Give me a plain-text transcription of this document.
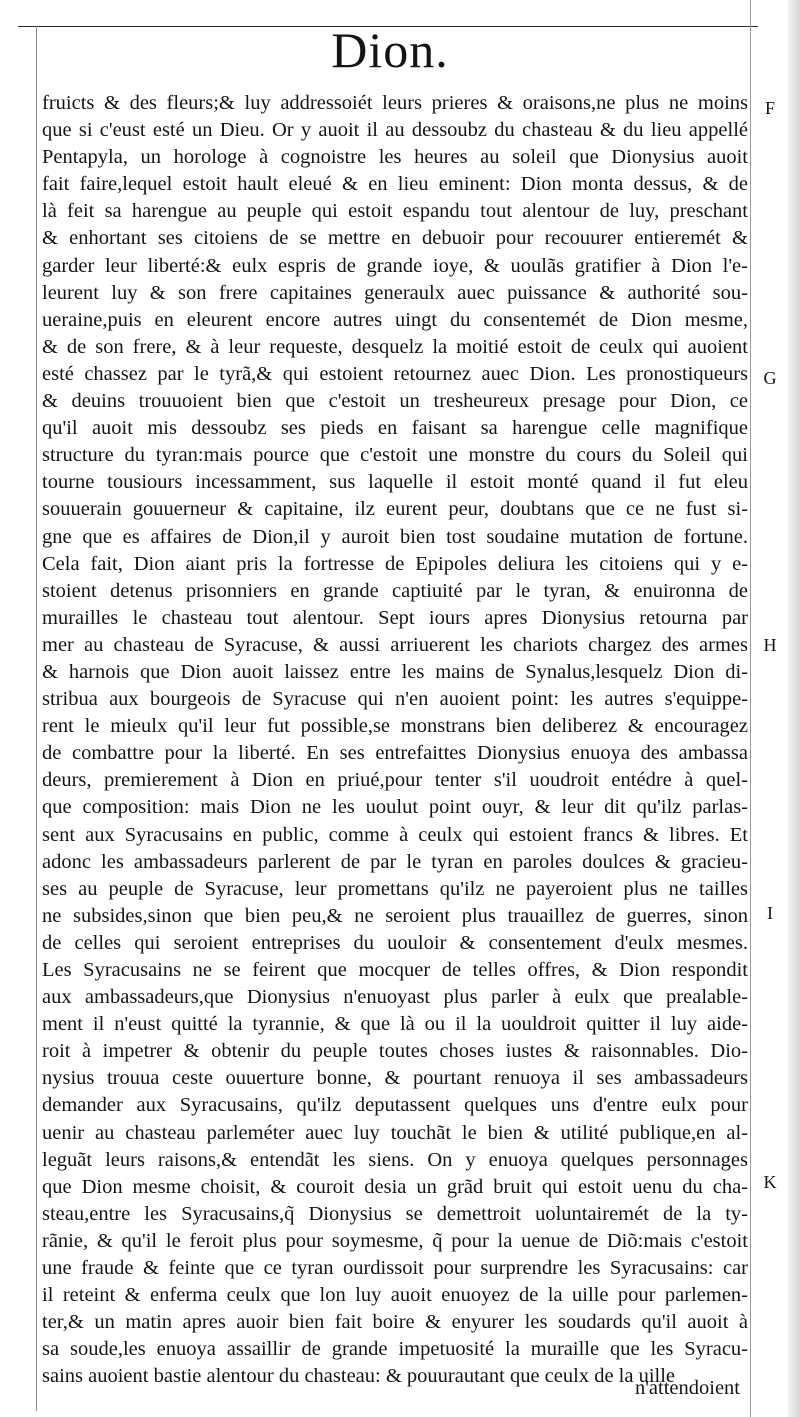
Dion.
fruicts & des fleurs;& luy addressoiét leurs prieres & oraisons,ne plus ne moins
que si c'eust esté un Dieu. Or y auoit il au dessoubz du chasteau & du lieu appellé
Pentapyla, un horologe à cognoistre les heures au soleil que Dionysius auoit
fait faire,lequel estoit hault eleué & en lieu eminent: Dion monta dessus, & de
là feit sa harengue au peuple qui estoit espandu tout alentour de luy, preschant
& enhortant ses citoiens de se mettre en debuoir pour recouurer entieremét &
garder leur liberté:& eulx espris de grande ioye, & uoulãs gratifier à Dion l'e-
leurent luy & son frere capitaines generaulx auec puissance & authorité sou-
ueraine,puis en eleurent encore autres uingt du consentemét de Dion mesme,
& de son frere, & à leur requeste, desquelz la moitié estoit de ceulx qui auoient
esté chassez par le tyrã,& qui estoient retournez auec Dion. Les pronostiqueurs
& deuins trouuoient bien que c'estoit un tresheureux presage pour Dion, ce
qu'il auoit mis dessoubz ses pieds en faisant sa harengue celle magnifique
structure du tyran:mais pource que c'estoit une monstre du cours du Soleil qui
tourne tousiours incessamment, sus laquelle il estoit monté quand il fut eleu
souuerain gouuerneur & capitaine, ilz eurent peur, doubtans que ce ne fust si-
gne que es affaires de Dion,il y auroit bien tost soudaine mutation de fortune.
Cela fait, Dion aiant pris la fortresse de Epipoles deliura les citoiens qui y e-
stoient detenus prisonniers en grande captiuité par le tyran, & enuironna de
murailles le chasteau tout alentour. Sept iours apres Dionysius retourna par
mer au chasteau de Syracuse, & aussi arriuerent les chariots chargez des armes
& harnois que Dion auoit laissez entre les mains de Synalus,lesquelz Dion di-
stribua aux bourgeois de Syracuse qui n'en auoient point: les autres s'equippe-
rent le mieulx qu'il leur fut possible,se monstrans bien deliberez & encouragez
de combattre pour la liberté. En ses entrefaittes Dionysius enuoya des ambassa
deurs, premierement à Dion en priué,pour tenter s'il uoudroit entédre à quel-
que composition: mais Dion ne les uoulut point ouyr, & leur dit qu'ilz parlas-
sent aux Syracusains en public, comme à ceulx qui estoient francs & libres. Et
adonc les ambassadeurs parlerent de par le tyran en paroles doulces & gracieu-
ses au peuple de Syracuse, leur promettans qu'ilz ne payeroient plus ne tailles
ne subsides,sinon que bien peu,& ne seroient plus trauaillez de guerres, sinon
de celles qui seroient entreprises du uouloir & consentement d'eulx mesmes.
Les Syracusains ne se feirent que mocquer de telles offres, & Dion respondit
aux ambassadeurs,que Dionysius n'enuoyast plus parler à eulx que prealable-
ment il n'eust quitté la tyrannie, & que là ou il la uouldroit quitter il luy aide-
roit à impetrer & obtenir du peuple toutes choses iustes & raisonnables. Dio-
nysius trouua ceste ouuerture bonne, & pourtant renuoya il ses ambassadeurs
demander aux Syracusains, qu'ilz deputassent quelques uns d'entre eulx pour
uenir au chasteau parleméter auec luy touchãt le bien & utilité publique,en al-
leguãt leurs raisons,& entendãt les siens. On y enuoya quelques personnages
que Dion mesme choisit, & couroit desia un grãd bruit qui estoit uenu du cha-
steau,entre les Syracusains,q̃ Dionysius se demettroit uoluntairemét de la ty-
rãnie, & qu'il le feroit plus pour soymesme, q̃ pour la uenue de Diõ:mais c'estoit
une fraude & feinte que ce tyran ourdissoit pour surprendre les Syracusains: car
il reteint & enferma ceulx que lon luy auoit enuoyez de la uille pour parlemen-
ter,& un matin apres auoir bien fait boire & enyurer les soudards qu'il auoit à
sa soude,les enuoya assaillir de grande impetuosité la muraille que les Syracu-
sains auoient bastie alentour du chasteau: & pouurautant que ceulx de la uille
F
G
H
I
K
n'attendoient
